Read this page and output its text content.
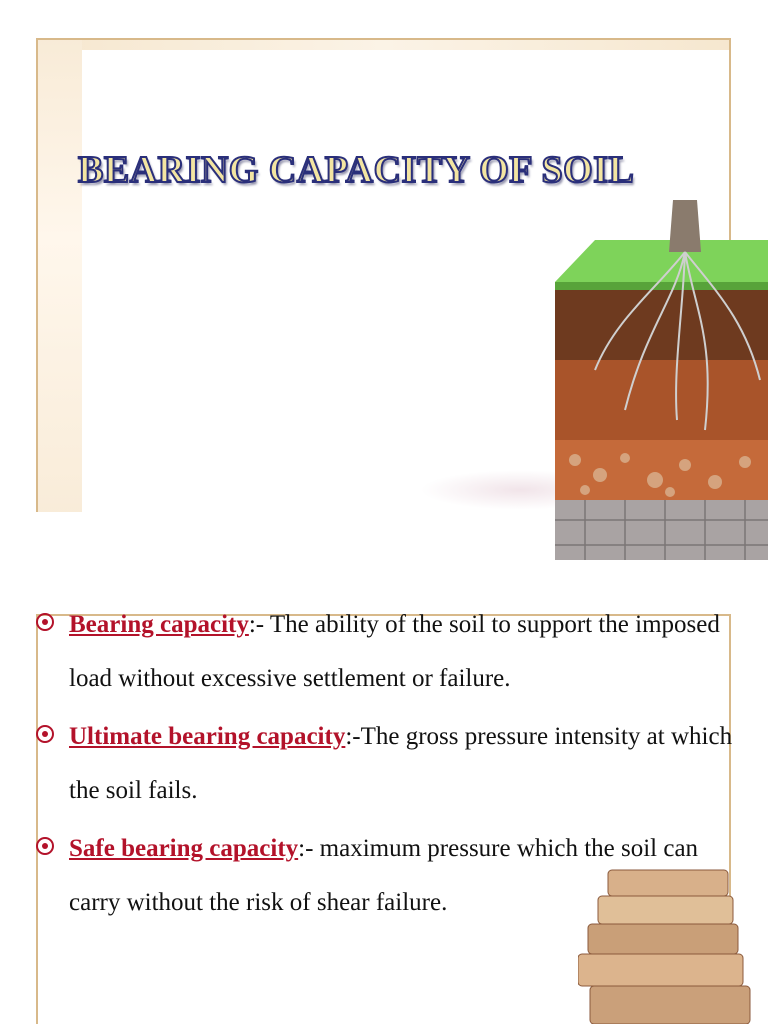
BEARING CAPACITY OF SOIL
Bearing capacity:- The ability of the soil to support the imposed load without excessive settlement or failure.
Ultimate bearing capacity:-The gross pressure intensity at which the soil fails.
Safe bearing capacity:- maximum pressure which the soil can carry without the risk of shear failure.
